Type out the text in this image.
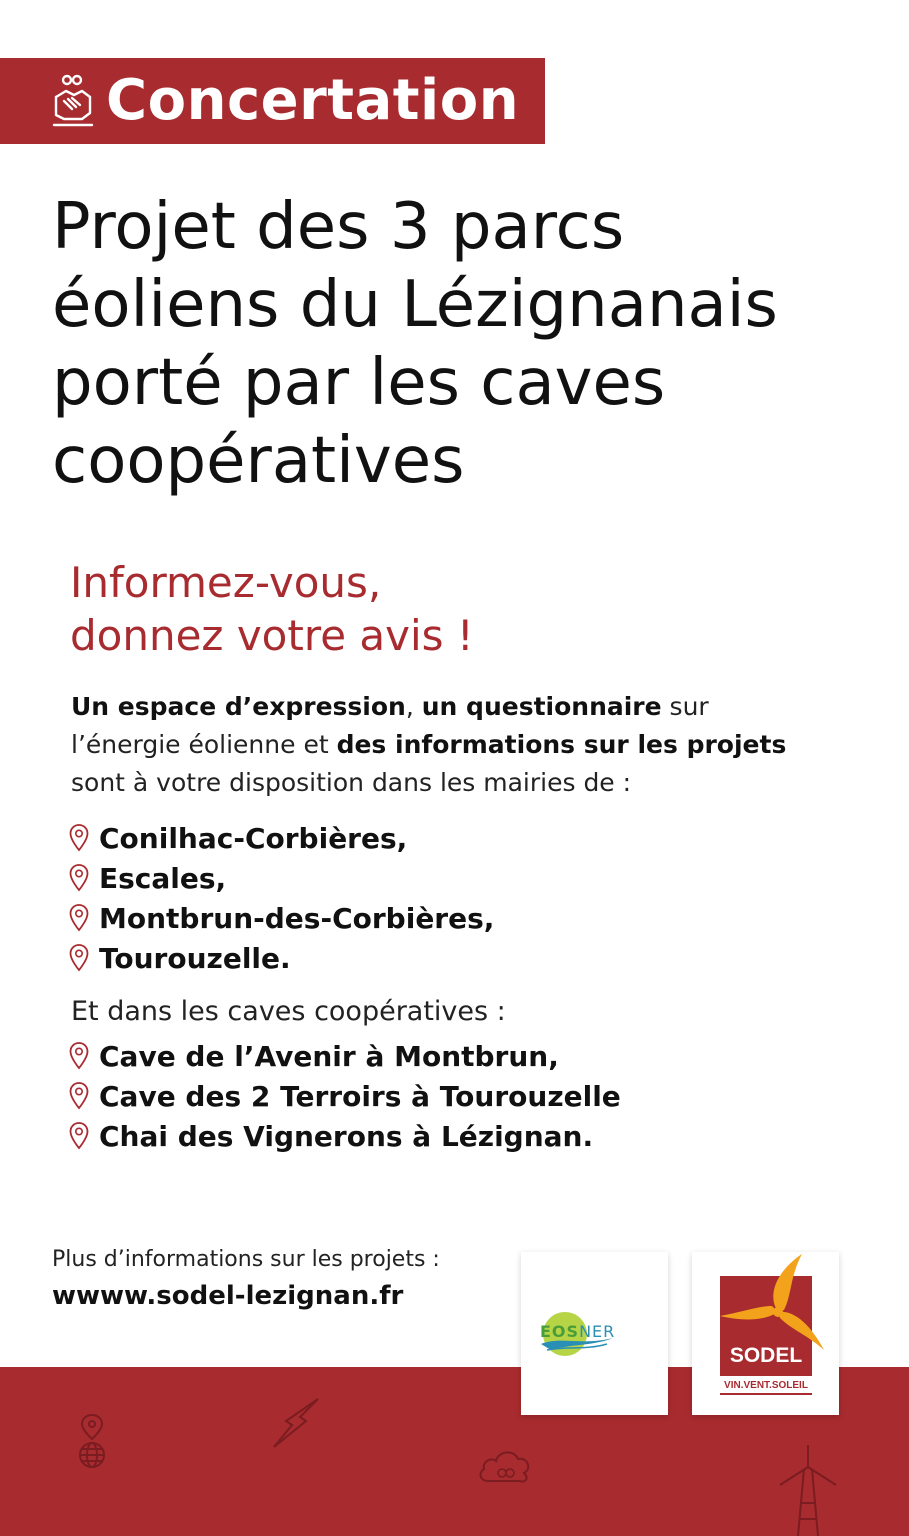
Concertation
Projet des 3 parcs
éoliens du Lézignanais
porté par les caves
coopératives
Informez-vous,
donnez votre avis !
Un espace d’expression, un questionnaire sur
l’énergie éolienne et des informations sur les projets
sont à votre disposition dans les mairies de :
Conilhac-Corbières,
Escales,
Montbrun-des-Corbières,
Tourouzelle.
Et dans les caves coopératives :
Cave de l’Avenir à Montbrun,
Cave des 2 Terroirs à Tourouzelle
Chai des Vignerons à Lézignan.
Plus d’informations sur les projets :
wwww.sodel-lezignan.fr
EOSNER
SODEL
VIN.VENT.SOLEIL
